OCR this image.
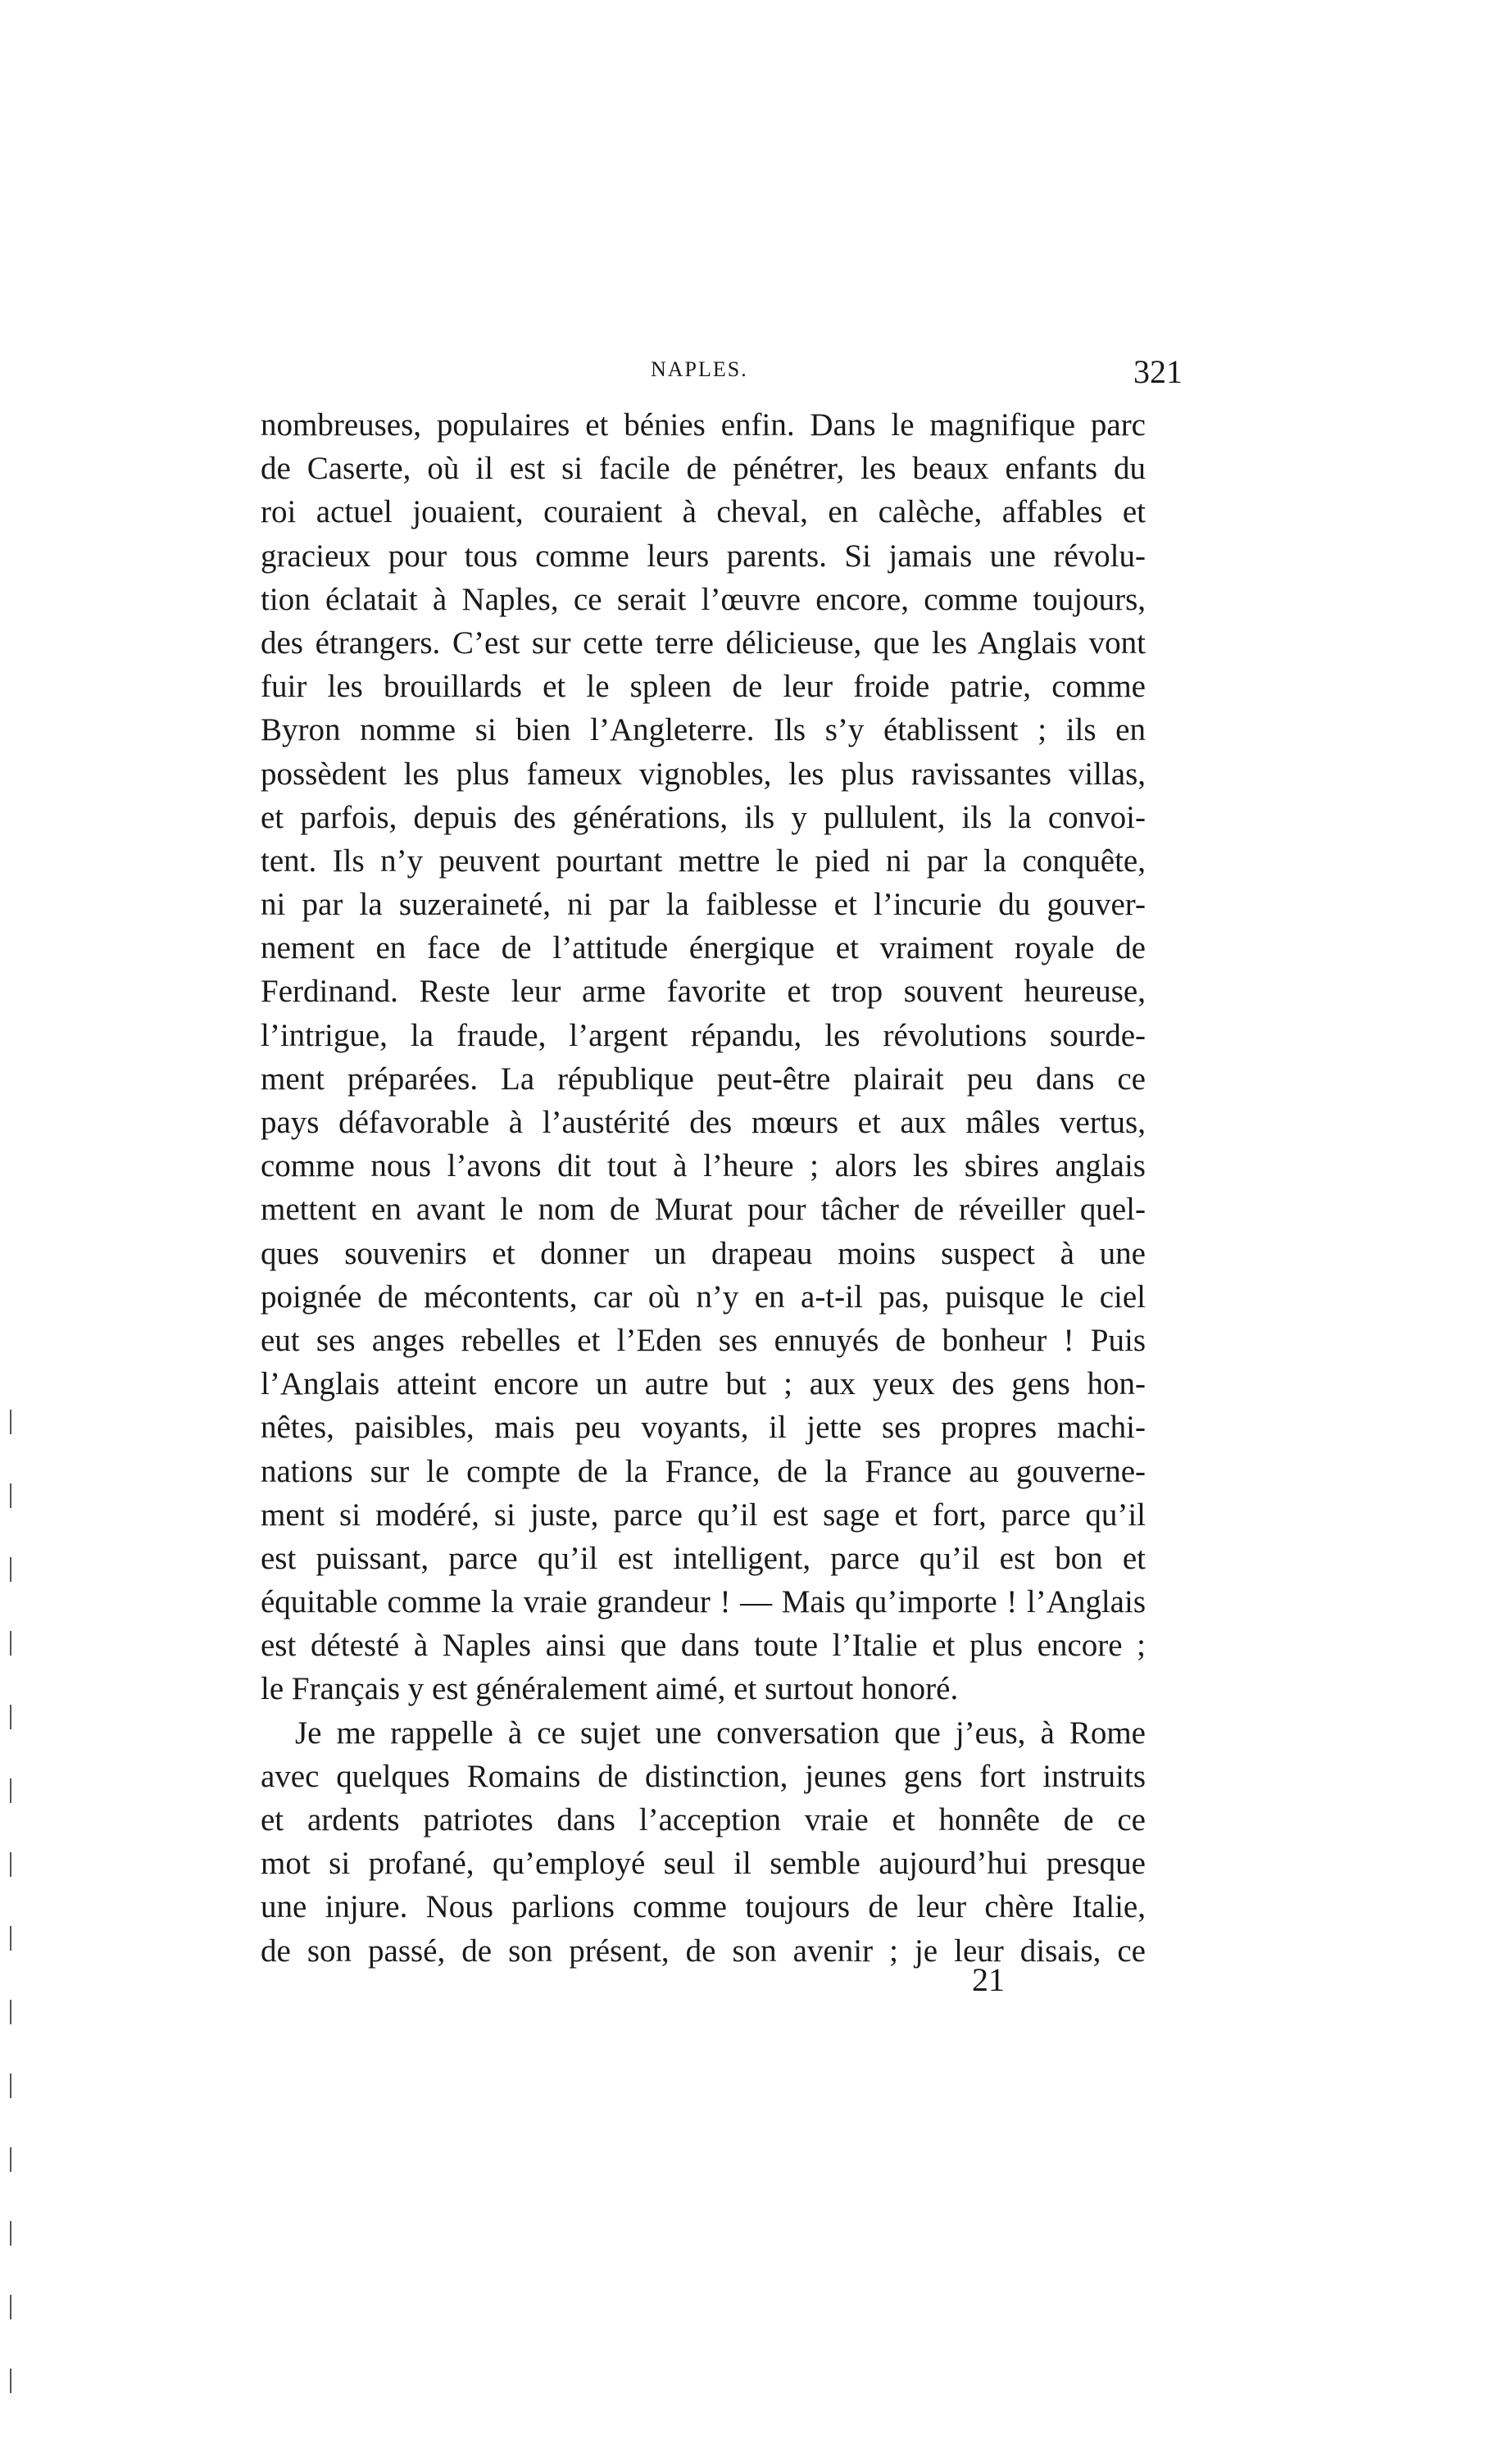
NAPLES.	321
nombreuses, populaires et bénies enfin. Dans le magnifique parc
de Caserte, où il est si facile de pénétrer, les beaux enfants du
roi actuel jouaient, couraient à cheval, en calèche, affables et
gracieux pour tous comme leurs parents. Si jamais une révolu-
tion éclatait à Naples, ce serait l’œuvre encore, comme toujours,
des étrangers. C’est sur cette terre délicieuse, que les Anglais vont
fuir les brouillards et le spleen de leur froide patrie, comme
Byron nomme si bien l’Angleterre. Ils s’y établissent ; ils en
possèdent les plus fameux vignobles, les plus ravissantes villas,
et parfois, depuis des générations, ils y pullulent, ils la convoi-
tent. Ils n’y peuvent pourtant mettre le pied ni par la conquête,
ni par la suzeraineté, ni par la faiblesse et l’incurie du gouver-
nement en face de l’attitude énergique et vraiment royale de
Ferdinand. Reste leur arme favorite et trop souvent heureuse,
l’intrigue, la fraude, l’argent répandu, les révolutions sourde-
ment préparées. La république peut-être plairait peu dans ce
pays défavorable à l’austérité des mœurs et aux mâles vertus,
comme nous l’avons dit tout à l’heure ; alors les sbires anglais
mettent en avant le nom de Murat pour tâcher de réveiller quel-
ques souvenirs et donner un drapeau moins suspect à une
poignée de mécontents, car où n’y en a-t-il pas, puisque le ciel
eut ses anges rebelles et l’Eden ses ennuyés de bonheur ! Puis
l’Anglais atteint encore un autre but ; aux yeux des gens hon-
nêtes, paisibles, mais peu voyants, il jette ses propres machi-
nations sur le compte de la France, de la France au gouverne-
ment si modéré, si juste, parce qu’il est sage et fort, parce qu’il
est puissant, parce qu’il est intelligent, parce qu’il est bon et
équitable comme la vraie grandeur ! — Mais qu’importe ! l’Anglais
est détesté à Naples ainsi que dans toute l’Italie et plus encore ;
le Français y est généralement aimé, et surtout honoré.
Je me rappelle à ce sujet une conversation que j’eus, à Rome
avec quelques Romains de distinction, jeunes gens fort instruits
et ardents patriotes dans l’acception vraie et honnête de ce
mot si profané, qu’employé seul il semble aujourd’hui presque
une injure. Nous parlions comme toujours de leur chère Italie,
de son passé, de son présent, de son avenir ; je leur disais, ce
21
